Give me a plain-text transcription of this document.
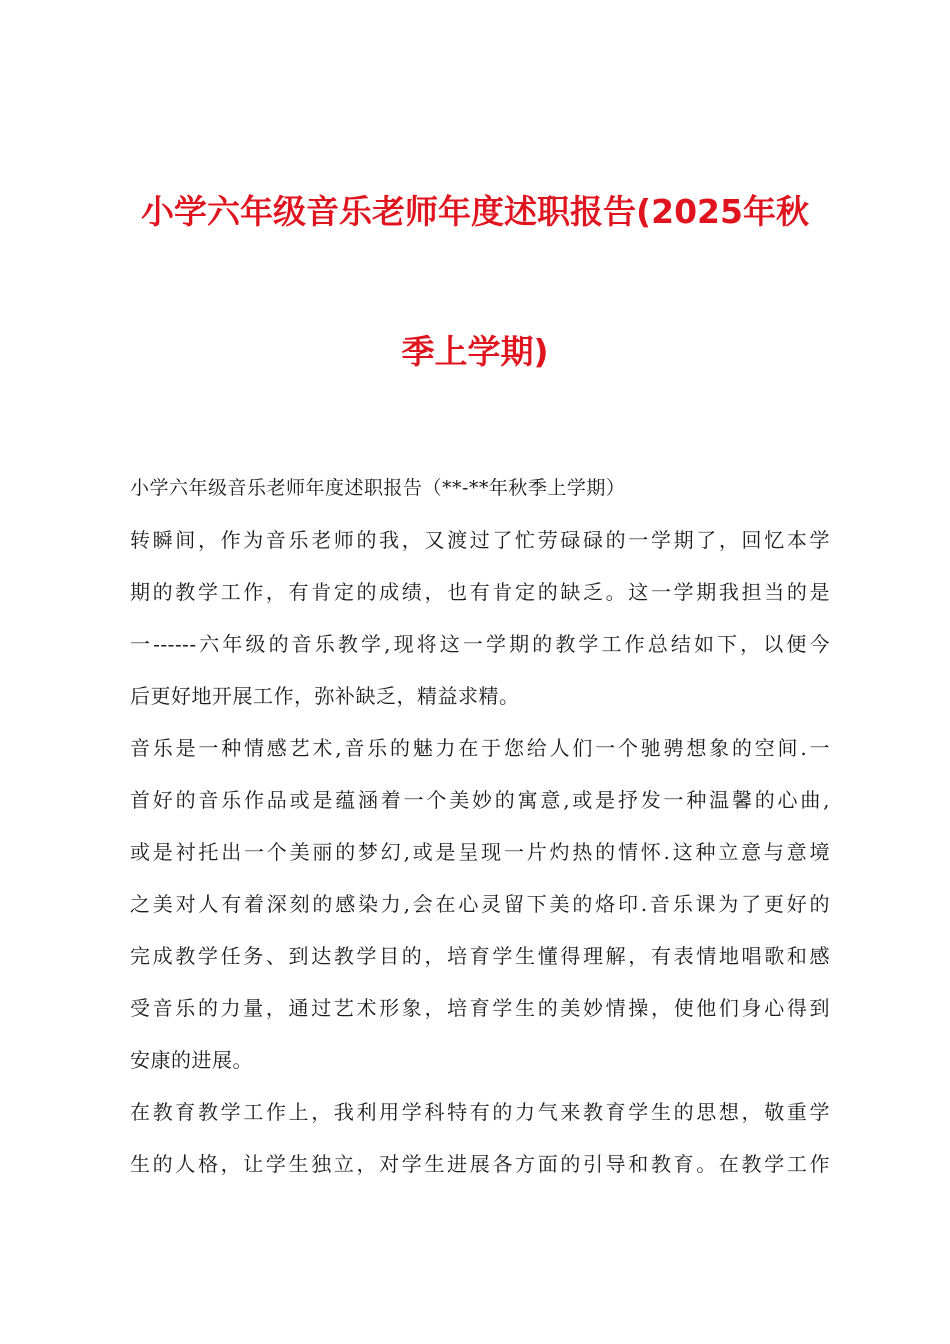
小学六年级音乐老师年度述职报告(2025年秋
季上学期)
小学六年级音乐老师年度述职报告（**-**年秋季上学期）
转瞬间，作为音乐老师的我，又渡过了忙劳碌碌的一学期了，回忆本学
期的教学工作，有肯定的成绩，也有肯定的缺乏。这一学期我担当的是
一------六年级的音乐教学,现将这一学期的教学工作总结如下，以便今
后更好地开展工作，弥补缺乏，精益求精。
音乐是一种情感艺术,音乐的魅力在于您给人们一个驰骋想象的空间.一
首好的音乐作品或是蕴涵着一个美妙的寓意,或是抒发一种温馨的心曲,
或是衬托出一个美丽的梦幻,或是呈现一片灼热的情怀.这种立意与意境
之美对人有着深刻的感染力,会在心灵留下美的烙印.音乐课为了更好的
完成教学任务、到达教学目的，培育学生懂得理解，有表情地唱歌和感
受音乐的力量，通过艺术形象，培育学生的美妙情操，使他们身心得到
安康的进展。
在教育教学工作上，我利用学科特有的力气来教育学生的思想，敬重学
生的人格，让学生独立，对学生进展各方面的引导和教育。在教学工作
